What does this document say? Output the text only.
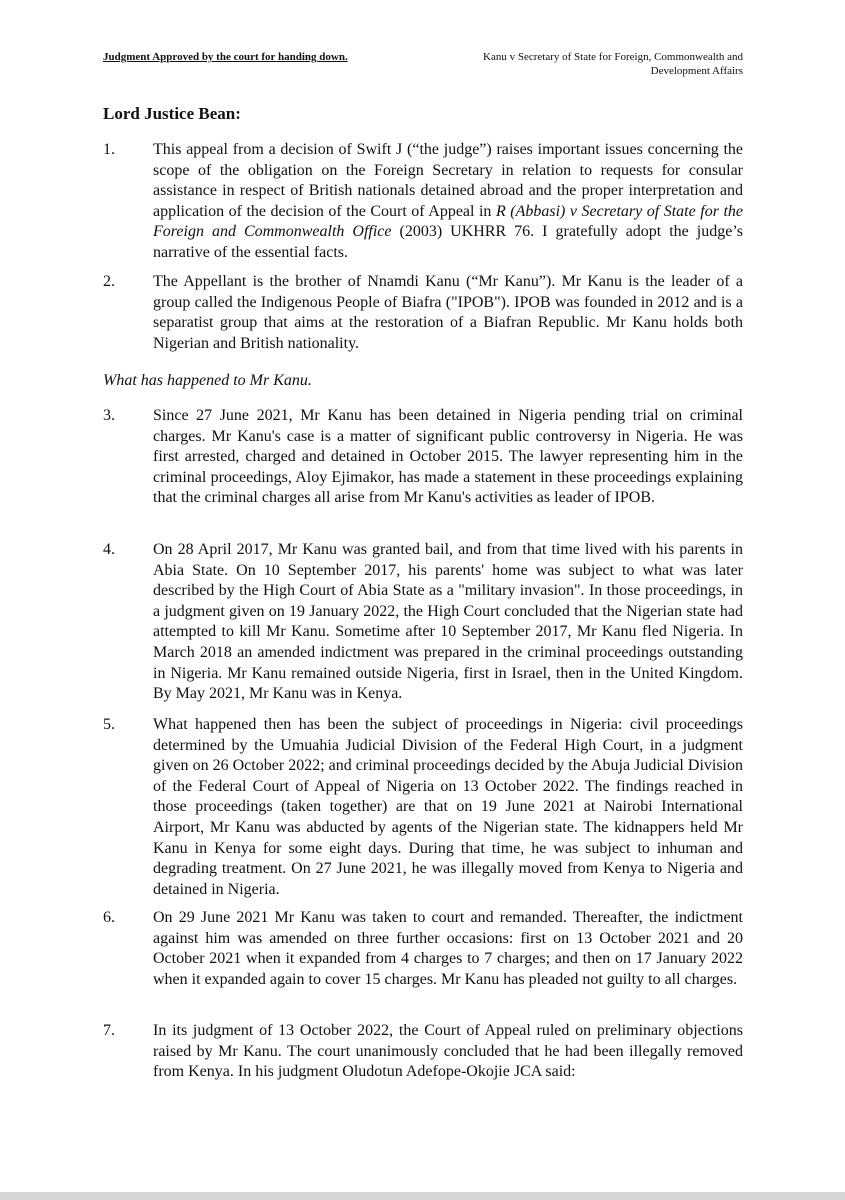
Judgment Approved by the court for handing down.	Kanu v Secretary of State for Foreign, Commonwealth and
Development Affairs
Lord Justice Bean:
1.	This appeal from a decision of Swift J (“the judge”) raises important issues concerning the scope of the obligation on the Foreign Secretary in relation to requests for consular assistance in respect of British nationals detained abroad and the proper interpretation and application of the decision of the Court of Appeal in R (Abbasi) v Secretary of State for the Foreign and Commonwealth Office (2003) UKHRR 76. I gratefully adopt the judge’s narrative of the essential facts.
2.	The Appellant is the brother of Nnamdi Kanu (“Mr Kanu”). Mr Kanu is the leader of a group called the Indigenous People of Biafra ("IPOB"). IPOB was founded in 2012 and is a separatist group that aims at the restoration of a Biafran Republic. Mr Kanu holds both Nigerian and British nationality.
What has happened to Mr Kanu.
3.	Since 27 June 2021, Mr Kanu has been detained in Nigeria pending trial on criminal charges. Mr Kanu's case is a matter of significant public controversy in Nigeria. He was first arrested, charged and detained in October 2015. The lawyer representing him in the criminal proceedings, Aloy Ejimakor, has made a statement in these proceedings explaining that the criminal charges all arise from Mr Kanu's activities as leader of IPOB.
4.	On 28 April 2017, Mr Kanu was granted bail, and from that time lived with his parents in Abia State. On 10 September 2017, his parents' home was subject to what was later described by the High Court of Abia State as a "military invasion". In those proceedings, in a judgment given on 19 January 2022, the High Court concluded that the Nigerian state had attempted to kill Mr Kanu. Sometime after 10 September 2017, Mr Kanu fled Nigeria. In March 2018 an amended indictment was prepared in the criminal proceedings outstanding in Nigeria. Mr Kanu remained outside Nigeria, first in Israel, then in the United Kingdom. By May 2021, Mr Kanu was in Kenya.
5.	What happened then has been the subject of proceedings in Nigeria: civil proceedings determined by the Umuahia Judicial Division of the Federal High Court, in a judgment given on 26 October 2022; and criminal proceedings decided by the Abuja Judicial Division of the Federal Court of Appeal of Nigeria on 13 October 2022. The findings reached in those proceedings (taken together) are that on 19 June 2021 at Nairobi International Airport, Mr Kanu was abducted by agents of the Nigerian state. The kidnappers held Mr Kanu in Kenya for some eight days. During that time, he was subject to inhuman and degrading treatment. On 27 June 2021, he was illegally moved from Kenya to Nigeria and detained in Nigeria.
6.	On 29 June 2021 Mr Kanu was taken to court and remanded. Thereafter, the indictment against him was amended on three further occasions: first on 13 October 2021 and 20 October 2021 when it expanded from 4 charges to 7 charges; and then on 17 January 2022 when it expanded again to cover 15 charges. Mr Kanu has pleaded not guilty to all charges.
7.	In its judgment of 13 October 2022, the Court of Appeal ruled on preliminary objections raised by Mr Kanu. The court unanimously concluded that he had been illegally removed from Kenya. In his judgment Oludotun Adefope-Okojie JCA said:
